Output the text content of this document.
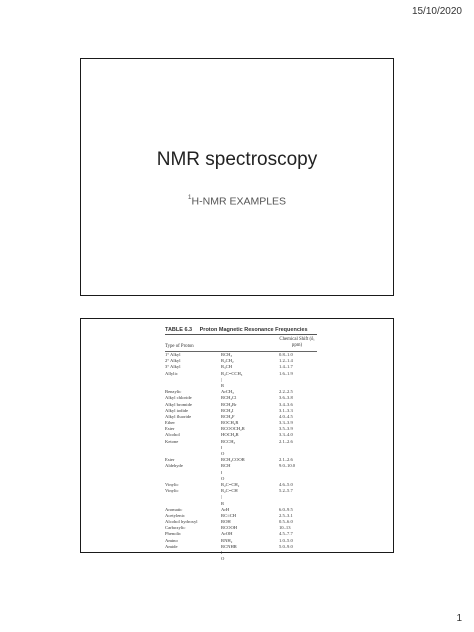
15/10/2020
NMR spectroscopy
$^1$H-NMR EXAMPLES
TABLE 6.3 Proton Magnetic Resonance Frequencies
Type of Proton
Chemical Shift (δ, ppm)
1° Alkyl	RCH₃	0.8–1.0
2° Alkyl	R₂CH₂	1.2–1.4
3° Alkyl	R₃CH	1.4–1.7
Allylic	R₂C=CCH₃	1.6–1.9
|
R
Benzylic	ArCH₃	2.2–2.5
Alkyl chloride	RCH₂Cl	3.6–3.8
Alkyl bromide	RCH₂Br	3.4–3.6
Alkyl iodide	RCH₂I	3.1–3.3
Alkyl fluoride	RCH₂F	4.0–4.5
Ether	ROCH₂R	3.3–3.9
Ester	RCOOCH₂R	3.5–3.9
Alcohol	HOCH₂R	3.3–4.0
Ketone	RCCH₃	2.1–2.6
‖
O
Ester	RCH₂COOR	2.1–2.6
Aldehyde	RCH	9.0–10.0
‖
O
Vinylic	R₂C=CH₂	4.6–5.0
Vinylic	R₂C=CH	5.2–5.7
|
R
Aromatic	ArH	6.0–9.5
Acetylenic	RC≡CH	2.5–3.1
Alcohol hydroxyl	ROH	0.5–6.0
Carboxylic	RCOOH	10–13
Phenolic	ArOH	4.5–7.7
Amino	RNH₂	1.0–5.0
Amide	RCNHR	5.0–9.0
‖
O
1
